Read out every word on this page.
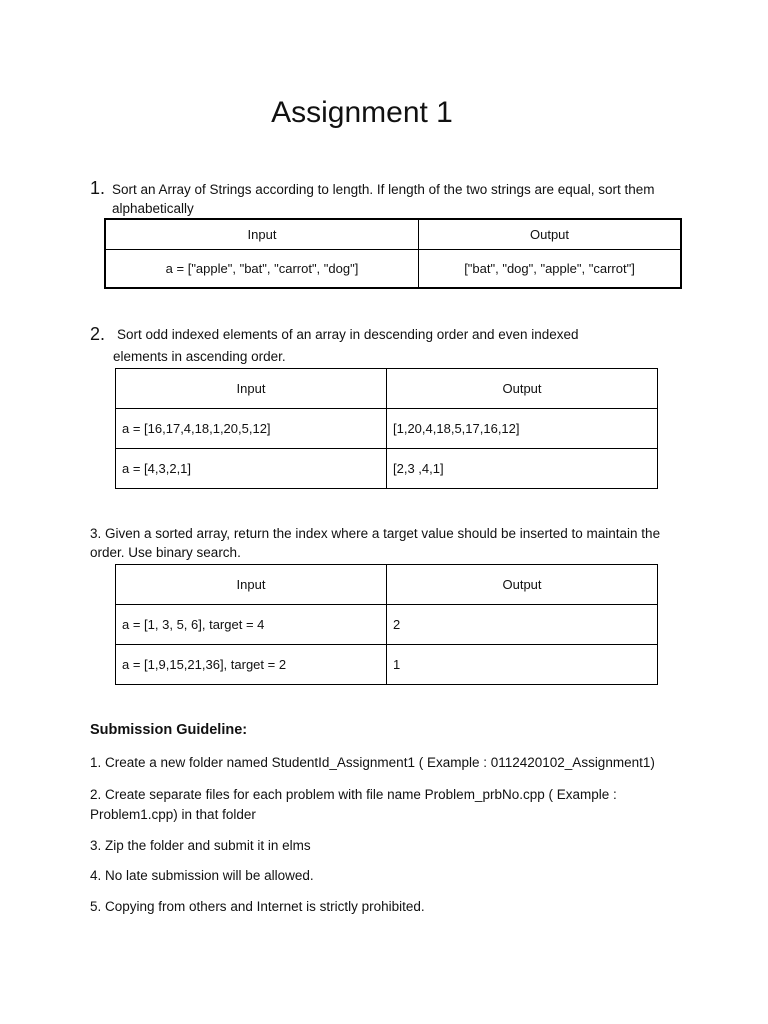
Assignment 1
1. Sort an Array of Strings according to length. If length of the two strings are equal, sort them
alphabetically
Input	Output
a = ["apple", "bat", "carrot", "dog"]	["bat", "dog", "apple", "carrot"]
2. Sort odd indexed elements of an array in descending order and even indexed
elements in ascending order.
Input	Output
a = [16,17,4,18,1,20,5,12]	[1,20,4,18,5,17,16,12]
a = [4,3,2,1]	[2,3 ,4,1]
3. Given a sorted array, return the index where a target value should be inserted to maintain the
order. Use binary search.
Input	Output
a = [1, 3, 5, 6], target = 4	2
a = [1,9,15,21,36], target = 2	1
Submission Guideline:
1. Create a new folder named StudentId_Assignment1 ( Example : 0112420102_Assignment1)
2. Create separate files for each problem with file name Problem_prbNo.cpp ( Example : Problem1.cpp) in that folder
3. Zip the folder and submit it in elms
4. No late submission will be allowed.
5. Copying from others and Internet is strictly prohibited.
